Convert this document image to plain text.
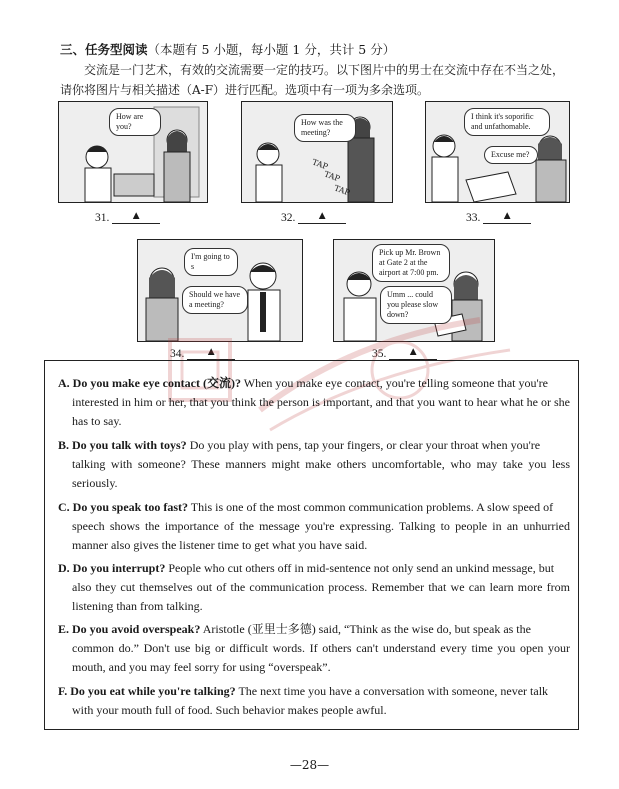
三、任务型阅读（本题有 5 小题，每小题 1 分，共计 5 分）

交流是一门艺术，有效的交流需要一定的技巧。以下图片中的男士在交流中存在不当之处，

请你将图片与相关描述（A-F）进行匹配。选项中有一项为多余选项。

How are you?
31. ▲
How was the meeting?
TAP
TAP
TAP
32. ▲
I think it's soporific and unfathomable.
Excuse me?
33. ▲
I'm going to s
Should we have a meeting?
34. ▲
Pick up Mr. Brown at Gate 2 at the airport at 7:00 pm.
Umm ... could you please slow down?
35. ▲
A. Do you make eye contact (交流)? When you make eye contact, you're telling someone that you're
interested in him or her, that you think the person is important, and that you want to hear what he or she has to say.
B. Do you talk with toys? Do you play with pens, tap your fingers, or clear your throat when you're
talking with someone? These manners might make others uncomfortable, who may take you less seriously.
C. Do you speak too fast? This is one of the most common communication problems. A slow speed of
speech shows the importance of the message you're expressing. Talking to people in an unhurried manner also gives the listener time to get what you have said.
D. Do you interrupt? People who cut others off in mid-sentence not only send an unkind message, but
also they cut themselves out of the communication process. Remember that we can learn more from listening than from talking.
E. Do you avoid overspeak? Aristotle (亚里士多德) said, “Think as the wise do, but speak as the
common do.” Don't use big or difficult words. If others can't understand every time you open your mouth, and you may feel sorry for using “overspeak”.
F. Do you eat while you're talking? The next time you have a conversation with someone, never talk
with your mouth full of food. Such behavior makes people awful.
—28—
